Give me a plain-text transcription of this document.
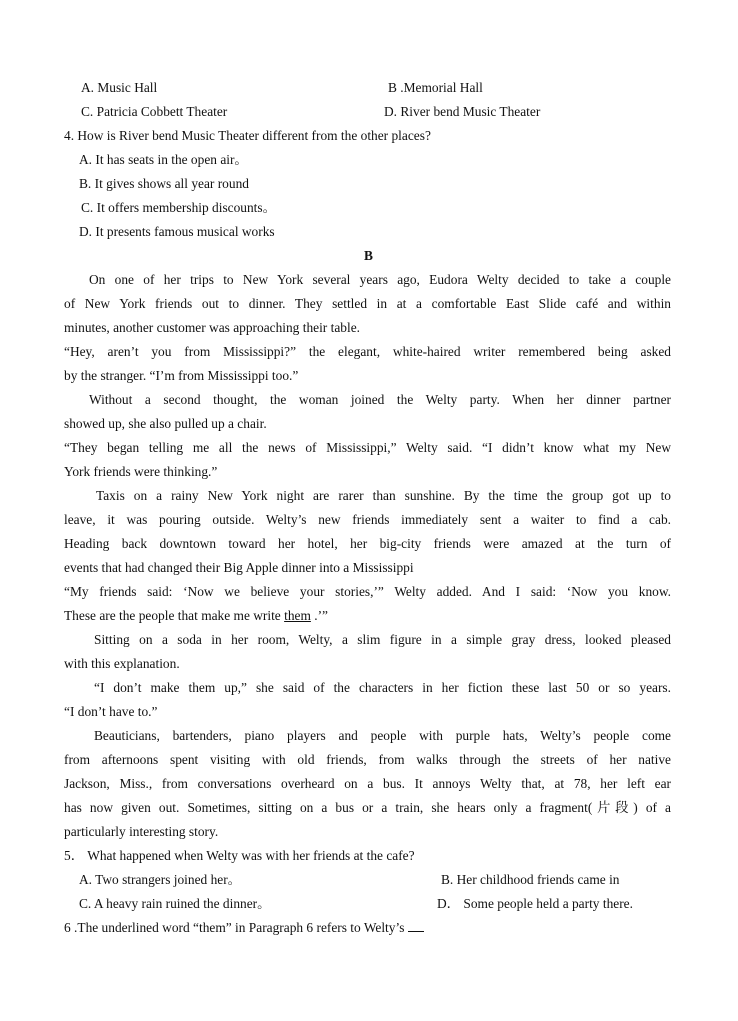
A. Music Hall	B .Memorial Hall
C. Patricia Cobbett Theater	D. River bend Music Theater
4. How is River bend Music Theater different from the other places?
A. It has seats in the open air。
B. It gives shows all year round
C. It offers membership discounts。
D. It presents famous musical works
B
On one of her trips to New York several years ago, Eudora Welty decided to take a couple
of New York friends out to dinner. They settled in at a comfortable East Slide café and within
minutes, another customer was approaching their table.
“Hey, aren’t you from Mississippi?” the elegant, white-haired writer remembered being asked
by the stranger. “I’m from Mississippi too.”
Without a second thought, the woman joined the Welty party. When her dinner partner
showed up, she also pulled up a chair.
“They began telling me all the news of Mississippi,” Welty said. “I didn’t know what my New
York friends were thinking.”
Taxis on a rainy New York night are rarer than sunshine. By the time the group got up to
leave, it was pouring outside. Welty’s new friends immediately sent a waiter to find a cab.
Heading back downtown toward her hotel, her big-city friends were amazed at the turn of
events that had changed their Big Apple dinner into a Mississippi
“My friends said: ‘Now we believe your stories,’” Welty added. And I said: ‘Now you know.
These are the people that make me write them .’”
Sitting on a soda in her room, Welty, a slim figure in a simple gray dress, looked pleased
with this explanation.
“I don’t make them up,” she said of the characters in her fiction these last 50 or so years.
“I don’t have to.”
Beauticians, bartenders, piano players and people with purple hats, Welty’s people come
from afternoons spent visiting with old friends, from walks through the streets of her native
Jackson, Miss., from conversations overheard on a bus. It annoys Welty that, at 78, her left ear
has now given out. Sometimes, sitting on a bus or a train, she hears only a fragment(片段) of a
particularly interesting story.
5． What happened when Welty was with her friends at the cafe?
A. Two strangers joined her。	B. Her childhood friends came in
C. A heavy rain ruined the dinner。	D． Some people held a party there.
6 .The underlined word “them” in Paragraph 6 refers to Welty’s
